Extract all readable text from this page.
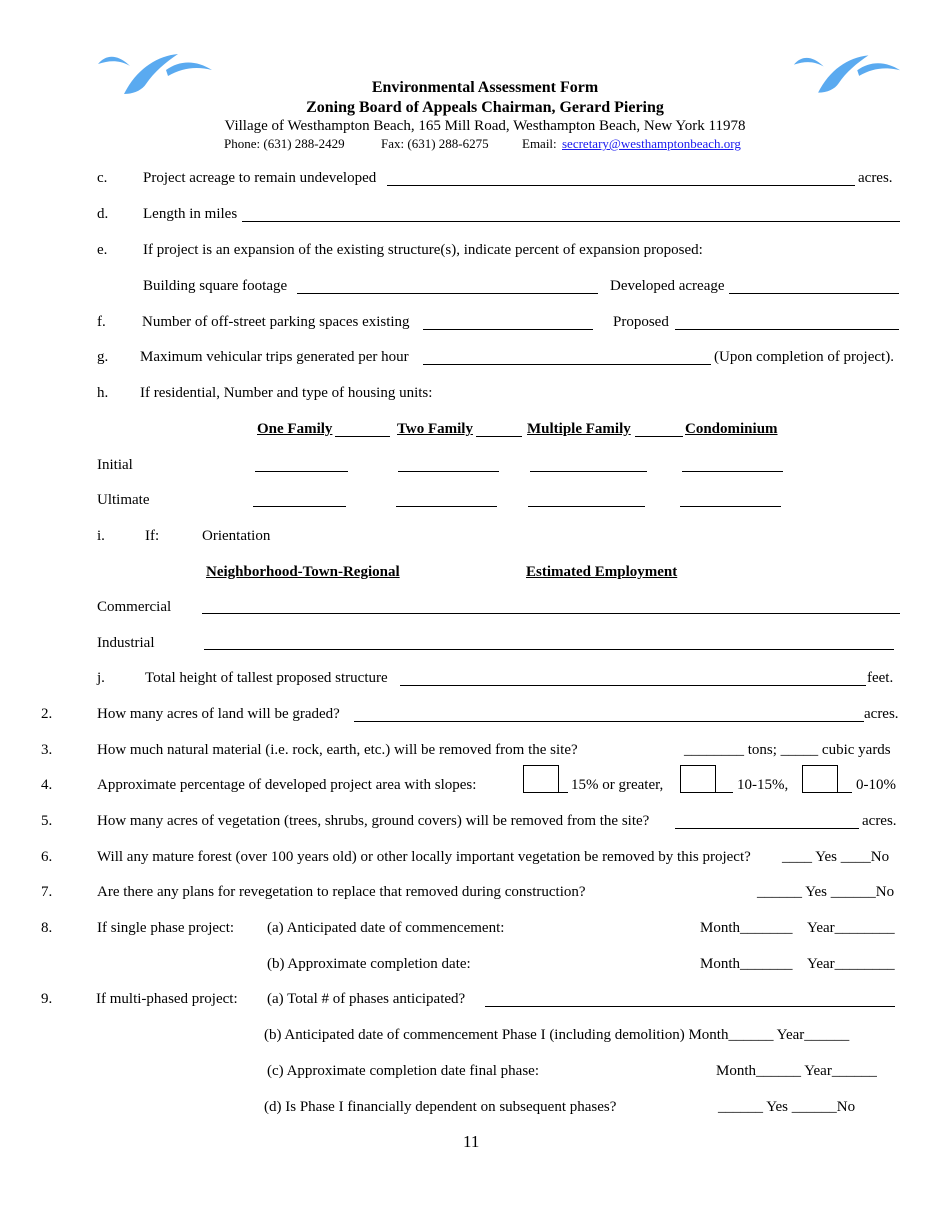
Environmental Assessment Form
Zoning Board of Appeals Chairman, Gerard Piering
Village of Westhampton Beach, 165 Mill Road, Westhampton Beach, New York 11978
Phone: (631) 288-2429	Fax: (631) 288-6275	Email: secretary@westhamptonbeach.org
c. Project acreage to remain undeveloped	acres.
d. Length in miles
e. If project is an expansion of the existing structure(s), indicate percent of expansion proposed:
Building square footage	Developed acreage
f. Number of off-street parking spaces existing	Proposed
g. Maximum vehicular trips generated per hour	(Upon completion of project).
h. If residential, Number and type of housing units:
One Family	Two Family	Multiple Family	Condominium
Initial
Ultimate
i.	If:	Orientation
Neighborhood-Town-Regional	Estimated Employment
Commercial
Industrial
j.	Total height of tallest proposed structure	feet.
2.	How many acres of land will be graded?	acres.
3.	How much natural material (i.e. rock, earth, etc.) will be removed from the site?	________ tons; _____ cubic yards
4.	Approximate percentage of developed project area with slopes:	15% or greater,	10-15%,	0-10%
5.	How many acres of vegetation (trees, shrubs, ground covers) will be removed from the site?	acres.
6.	Will any mature forest (over 100 years old) or other locally important vegetation be removed by this project? ____ Yes ____No
7.	Are there any plans for revegetation to replace that removed during construction?	______ Yes ______No
8.	If single phase project: (a) Anticipated date of commencement:	Month_______ Year________
(b) Approximate completion date:	Month_______ Year________
9.	If multi-phased project: (a) Total # of phases anticipated?
(b) Anticipated date of commencement Phase I (including demolition) Month______ Year______
(c) Approximate completion date final phase:	Month______ Year______
(d) Is Phase I financially dependent on subsequent phases?	______ Yes ______No
11
